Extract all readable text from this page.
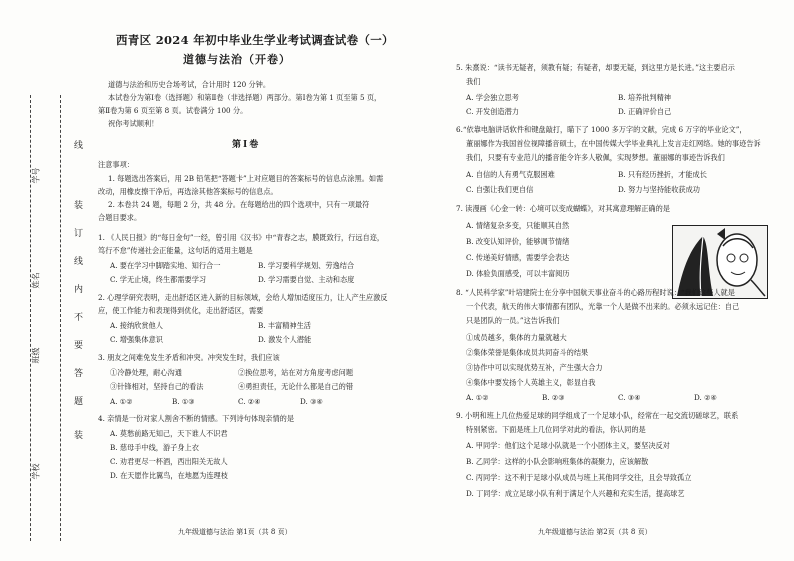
学校
班级
姓名
学号
装
订
线
内
不
要
答
题
线
装
西青区 2024 年初中毕业生学业考试调查试卷（一）
道德与法治（开卷）
道德与法治和历史合场考试，合计用时 120 分钟。
本试卷分为第Ⅰ卷（选择题）和第Ⅱ卷（非选择题）两部分。第Ⅰ卷为第 1 页至第 5 页，
第Ⅱ卷为第 6 页至第 8 页。试卷满分 100 分。
祝你考试顺利！
第Ⅰ卷
注意事项：
1. 每题选出答案后，用 2B 铅笔把“答题卡”上对应题目的答案标号的信息点涂黑。如需
改动，用橡皮擦干净后，再选涂其他答案标号的信息点。
2. 本卷共 24 题，每题 2 分，共 48 分。在每题给出的四个选项中，只有一项最符
合题目要求。
1. 《人民日报》的“每日金句”一经，曾引用《汉书》中“青春之志，膜既致行，行远自迩，
笃行不怠”传递社会正能量，这句话的适用主题是
A. 要在学习中脚踏实地、知行合一	B. 学习要科学规划、劳逸结合
C. 学无止境，终生都需要学习	D. 学习需要自觉、主动和态度
2. 心理学研究表明，走出舒适区进入新的目标领域，会给人增加适度压力，让人产生应激反
应，使工作能力和表现得到优化，走出舒适区，需要
A. 接纳欣赏他人	B. 丰富精神生活
C. 增强集体意识	D. 激发个人潜能
3. 朋友之间难免发生矛盾和冲突。冲突发生时，我们应该
①冷静处理，耐心沟通	②换位思考，站在对方角度考虑问题
③针锋相对，坚持自己的看法	④勇担责任，无论什么都是自己的错
A. ①②	B. ①③	C. ②④	D. ③④
4. 亲情是一份对家人割舍不断的情感。下列诗句体现亲情的是
A. 莫愁前路无知己，天下谁人不识君
B. 慈母手中线，游子身上衣
C. 劝君更尽一杯酒，西出阳关无故人
D. 在天愿作比翼鸟，在地愿为连理枝
九年级道德与法治 第1页（共 8 页）
5. 朱熹说：“读书无疑者，须教有疑；有疑者，却要无疑，到这里方是长进。”这主要启示
我们
A. 学会独立思考	B. 培养批判精神
C. 开发创造潜力	D. 正确评价自己
6.“依靠电脑讲话软件和键盘敲打，瞄下了 1000 多万字的文献，完成 6 万字的毕业论文”，
董丽娜作为我国首位视障播音硕士，在中国传媒大学毕业典礼上发言走红网络。她的事迹告诉
我们，只要有专业范儿的播音能令许多人敬佩，实现梦想。董丽娜的事迹告诉我们
A. 自信的人有勇气克服困难	B. 只有经历挫折，才能成长
C. 自强让我们更自信	D. 努力与坚持能收获成功
7. 读漫画《心金一转：心境可以变成蝴蝶》，对其寓意理解正确的是
A. 情绪复杂多变，只能顺其自然
B. 改变认知评价，能够调节情绪
C. 传递美好情感，需要学会表达
D. 体验负面感受，可以丰富阅历
8. “人民科学家”叶培建院士在分享中国航天事业奋斗的心路历程时说：“我们这些人就是
一个代表，航天的伟大事情都有团队，光靠一个人是做不出来的。必须永远记住：自己
只是团队的一员。”这告诉我们
①成员越多，集体的力量就越大
②集体荣誉是集体成员共同奋斗的结果
③协作中可以实现优势互补，产生强大合力
④集体中要发扬个人英雄主义，彰显自我
A. ①②	B. ②③	C. ③④	D. ②④
9. 小明和班上几位热爱足球的同学组成了一个足球小队，经常在一起交流切磋球艺，联系
特别紧密。下面是班上几位同学对此的看法，你认同的是
A. 甲同学：他们这个足球小队就是一个小团体主义，要坚决反对
B. 乙同学：这样的小队会影响班集体的凝聚力，应该解散
C. 丙同学：这不利于足球小队成员与班上其他同学交往，且会导致孤立
D. 丁同学：成立足球小队有利于满足个人兴趣和充实生活，提高球艺
九年级道德与法治 第2页（共 8 页）
